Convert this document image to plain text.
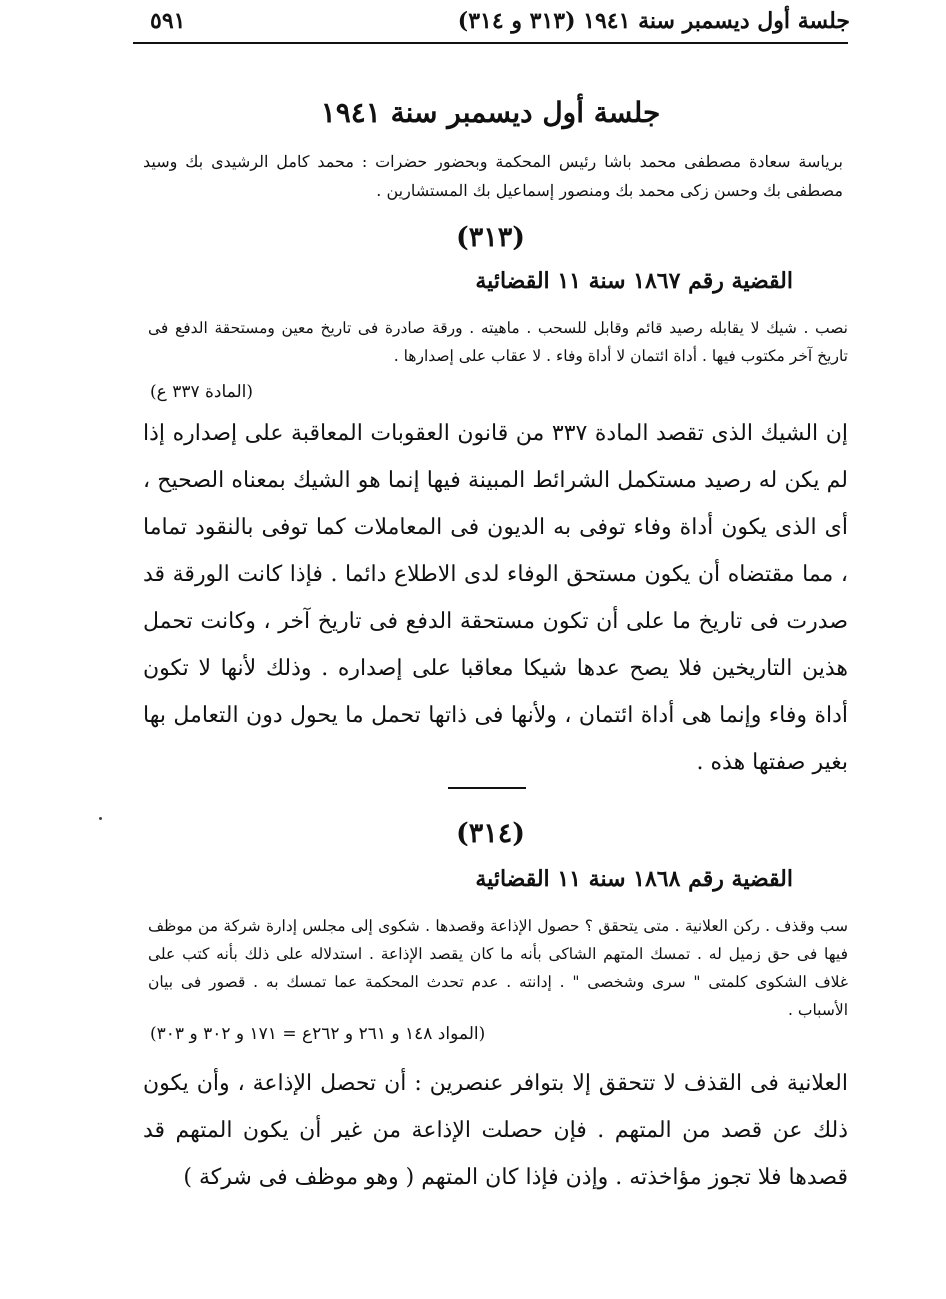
٥٩١	جلسة أول ديسمبر سنة ١٩٤١ (٣١٣ و ٣١٤)
جلسة أول ديسمبر سنة ١٩٤١
برياسة سعادة مصطفى محمد باشا رئيس المحكمة وبحضور حضرات : محمد كامل الرشيدى بك وسيد مصطفى بك وحسن زكى محمد بك ومنصور إسماعيل بك المستشارين .
(٣١٣)
القضية رقم ١٨٦٧ سنة ١١ القضائية
نصب . شيك لا يقابله رصيد قائم وقابل للسحب . ماهيته . ورقة صادرة فى تاريخ معين ومستحقة الدفع فى تاريخ آخر مكتوب فيها . أداة ائتمان لا أداة وفاء . لا عقاب على إصدارها .
(المادة ٣٣٧ ع)
إن الشيك الذى تقصد المادة ٣٣٧ من قانون العقوبات المعاقبة على إصداره إذا لم يكن له رصيد مستكمل الشرائط المبينة فيها إنما هو الشيك بمعناه الصحيح ، أى الذى يكون أداة وفاء توفى به الديون فى المعاملات كما توفى بالنقود تماما ، مما مقتضاه أن يكون مستحق الوفاء لدى الاطلاع دائما . فإذا كانت الورقة قد صدرت فى تاريخ ما على أن تكون مستحقة الدفع فى تاريخ آخر ، وكانت تحمل هذين التاريخين فلا يصح عدها شيكا معاقبا على إصداره . وذلك لأنها لا تكون أداة وفاء وإنما هى أداة ائتمان ، ولأنها فى ذاتها تحمل ما يحول دون التعامل بها بغير صفتها هذه .
(٣١٤)
القضية رقم ١٨٦٨ سنة ١١ القضائية
سب وقذف . ركن العلانية . متى يتحقق ؟ حصول الإذاعة وقصدها . شكوى إلى مجلس إدارة شركة من موظف فيها فى حق زميل له . تمسك المتهم الشاكى بأنه ما كان يقصد الإذاعة . استدلاله على ذلك بأنه كتب على غلاف الشكوى كلمتى " سرى وشخصى " . إدانته . عدم تحدث المحكمة عما تمسك به . قصور فى بيان الأسباب .
(المواد ١٤٨ و ٢٦١ و ٢٦٢ع = ١٧١ و ٣٠٢ و ٣٠٣)
العلانية فى القذف لا تتحقق إلا بتوافر عنصرين : أن تحصل الإذاعة ، وأن يكون ذلك عن قصد من المتهم . فإن حصلت الإذاعة من غير أن يكون المتهم قد قصدها فلا تجوز مؤاخذته . وإذن فإذا كان المتهم ( وهو موظف فى شركة )
